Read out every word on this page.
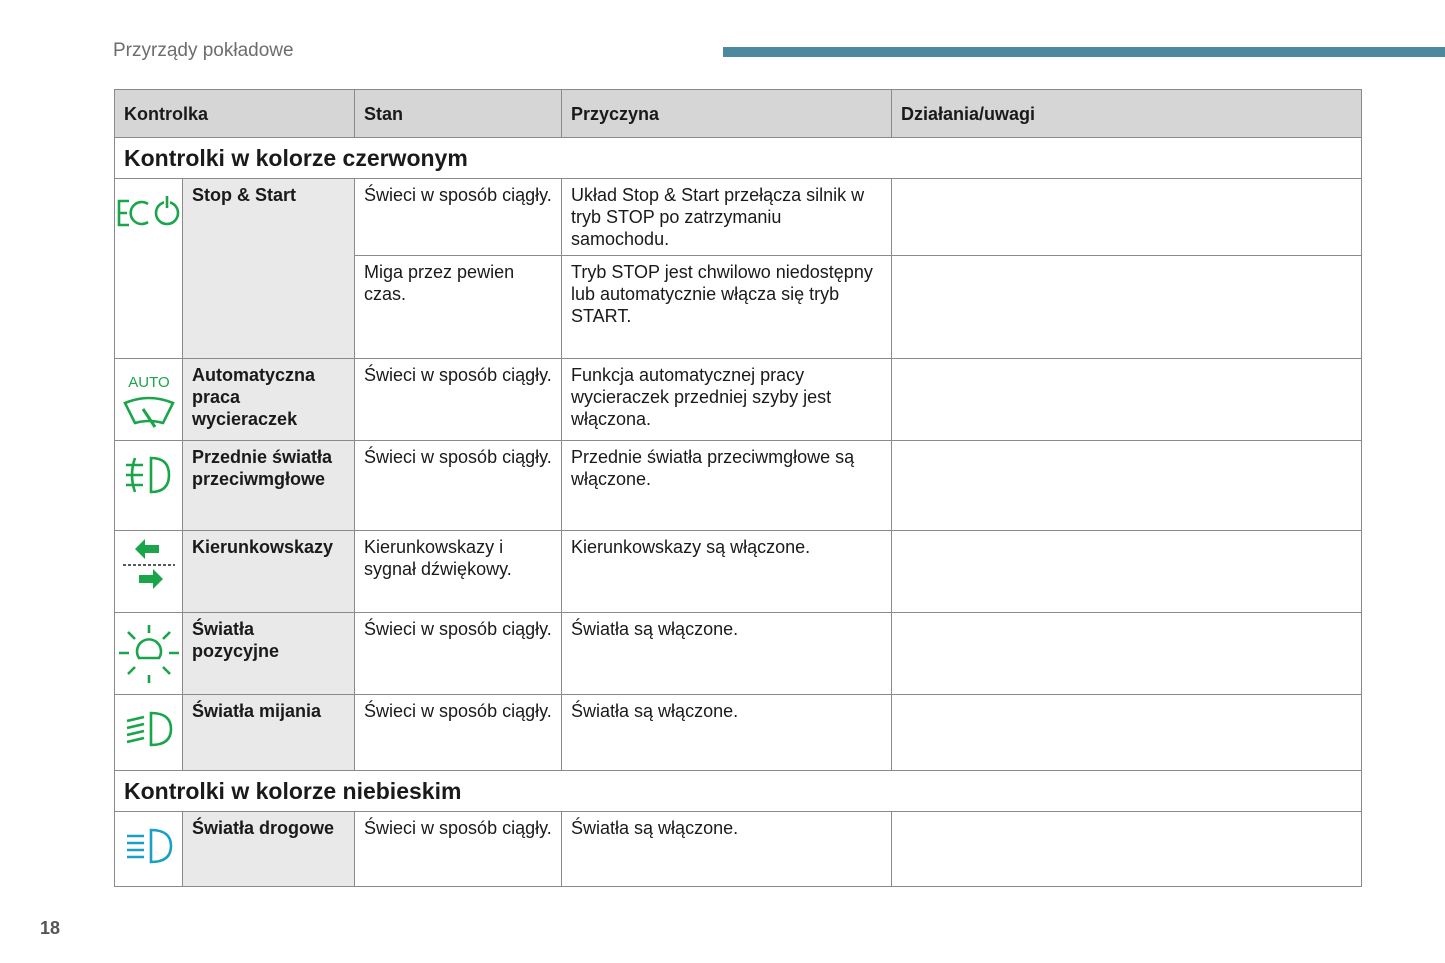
Przyrządy pokładowe
Kontrolka		Stan	Przyczyna	Działania/uwagi
Kontrolki w kolorze czerwonym				

	Stop & Start	Świeci w sposób ciągły.	Układ Stop & Start przełącza silnik w tryb STOP po zatrzymaniu samochodu.	
		Miga przez pewien czas.	Tryb STOP jest chwilowo niedostępny lub automatycznie włącza się tryb START.	

AUTO	Automatyczna praca wycieraczek	Świeci w sposób ciągły.	Funkcja automatycznej pracy wycieraczek przedniej szyby jest włączona.	

	Przednie światła przeciwmgłowe	Świeci w sposób ciągły.	Przednie światła przeciwmgłowe są włączone.	

	Kierunkowskazy	Kierunkowskazy i sygnał dźwiękowy.	Kierunkowskazy są włączone.	

	Światła pozycyjne	Świeci w sposób ciągły.	Światła są włączone.	

	Światła mijania	Świeci w sposób ciągły.	Światła są włączone.	
Kontrolki w kolorze niebieskim				

	Światła drogowe	Świeci w sposób ciągły.	Światła są włączone.	
18
